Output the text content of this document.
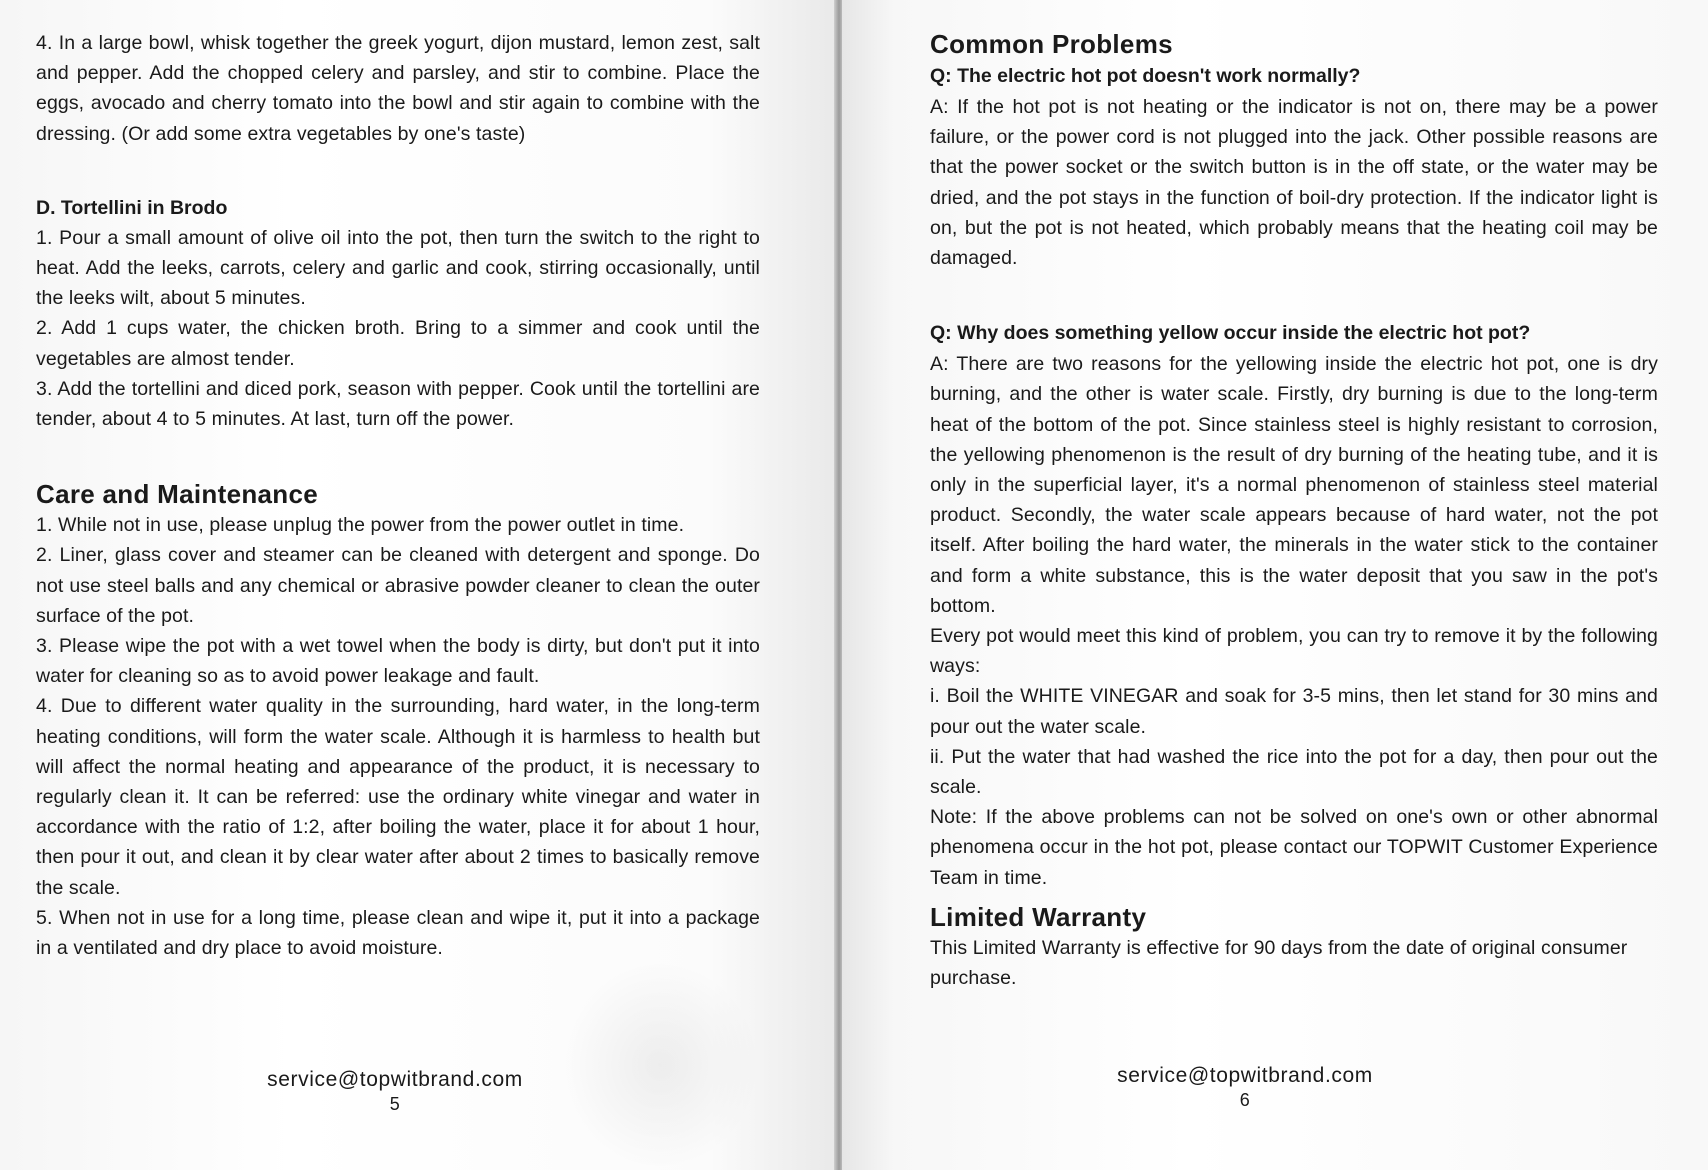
4. In a large bowl, whisk together the greek yogurt, dijon mustard, lemon zest, salt and pepper. Add the chopped celery and parsley, and stir to combine. Place the eggs, avocado and cherry tomato into the bowl and stir again to combine with the dressing. (Or add some extra vegetables by one's taste)

D. Tortellini in Brodo

1. Pour a small amount of olive oil into the pot, then turn the switch to the right to heat. Add the leeks, carrots, celery and garlic and cook, stirring occasionally, until the leeks wilt, about 5 minutes.

2. Add 1 cups water, the chicken broth. Bring to a simmer and cook until the vegetables are almost tender.

3. Add the tortellini and diced pork, season with pepper. Cook until the tortellini are tender, about 4 to 5 minutes. At last, turn off the power.

Care and Maintenance

1. While not in use, please unplug the power from the power outlet in time.

2. Liner, glass cover and steamer can be cleaned with detergent and sponge. Do not use steel balls and any chemical or abrasive powder cleaner to clean the outer surface of the pot.

3. Please wipe the pot with a wet towel when the body is dirty, but don't put it into water for cleaning so as to avoid power leakage and fault.

4. Due to different water quality in the surrounding, hard water, in the long-term heating conditions, will form the water scale. Although it is harmless to health but will affect the normal heating and appearance of the product, it is necessary to regularly clean it. It can be referred: use the ordinary white vinegar and water in accordance with the ratio of 1:2, after boiling the water, place it for about 1 hour, then pour it out, and clean it by clear water after about 2 times to basically remove the scale.

5. When not in use for a long time, please clean and wipe it, put it into a package in a ventilated and dry place to avoid moisture.

service@topwitbrand.com
5

Common Problems

Q: The electric hot pot doesn't work normally?

A: If the hot pot is not heating or the indicator is not on, there may be a power failure, or the power cord is not plugged into the jack. Other possible reasons are that the power socket or the switch button is in the off state, or the water may be dried, and the pot stays in the function of boil-dry protection. If the indicator light is on, but the pot is not heated, which probably means that the heating coil may be damaged.

Q: Why does something yellow occur inside the electric hot pot?

A: There are two reasons for the yellowing inside the electric hot pot, one is dry burning, and the other is water scale. Firstly, dry burning is due to the long-term heat of the bottom of the pot. Since stainless steel is highly resistant to corrosion, the yellowing phenomenon is the result of dry burning of the heating tube, and it is only in the superficial layer, it's a normal phenomenon of stainless steel material product. Secondly, the water scale appears because of hard water, not the pot itself. After boiling the hard water, the minerals in the water stick to the container and form a white substance, this is the water deposit that you saw in the pot's bottom.

Every pot would meet this kind of problem, you can try to remove it by the following ways:

i. Boil the WHITE VINEGAR and soak for 3-5 mins, then let stand for 30 mins and pour out the water scale.

ii. Put the water that had washed the rice into the pot for a day, then pour out the scale.

Note: If the above problems can not be solved on one's own or other abnormal phenomena occur in the hot pot, please contact our TOPWIT Customer Experience Team in time.

Limited Warranty

This Limited Warranty is effective for 90 days from the date of original consumer purchase.

service@topwitbrand.com
6
